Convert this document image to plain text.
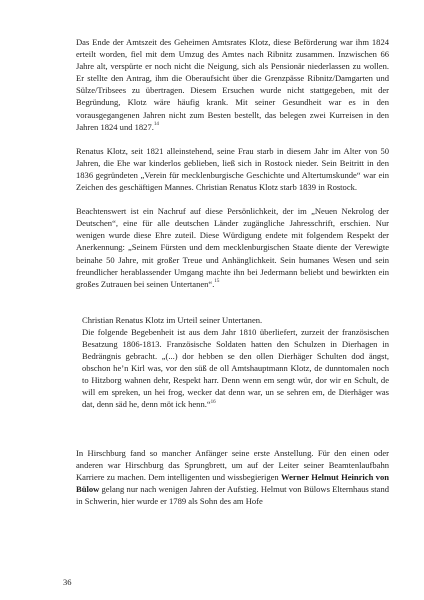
Das Ende der Amtszeit des Geheimen Amtsrates Klotz, diese Beförderung war ihm 1824 erteilt worden, fiel mit dem Umzug des Amtes nach Ribnitz zusammen. Inzwischen 66 Jahre alt, verspürte er noch nicht die Neigung, sich als Pensionär niederlassen zu wollen. Er stellte den Antrag, ihm die Oberaufsicht über die Grenzpässe Ribnitz/Damgarten und Sülze/Tribsees zu übertragen. Diesem Ersuchen wurde nicht stattgegeben, mit der Begründung, Klotz wäre häufig krank. Mit seiner Gesundheit war es in den vorausgegangenen Jahren nicht zum Besten bestellt, das belegen zwei Kurreisen in den Jahren 1824 und 1827.14

Renatus Klotz, seit 1821 alleinstehend, seine Frau starb in diesem Jahr im Alter von 50 Jahren, die Ehe war kinderlos geblieben, ließ sich in Rostock nieder. Sein Beitritt in den 1836 gegründeten „Verein für mecklenburgische Geschichte und Altertumskunde“ war ein Zeichen des geschäftigen Mannes. Christian Renatus Klotz starb 1839 in Rostock.

Beachtenswert ist ein Nachruf auf diese Persönlichkeit, der im „Neuen Nekrolog der Deutschen“, eine für alle deutschen Länder zugängliche Jahresschrift, erschien. Nur wenigen wurde diese Ehre zuteil. Diese Würdigung endete mit folgendem Respekt der Anerkennung: „Seinem Fürsten und dem mecklenburgischen Staate diente der Verewigte beinahe 50 Jahre, mit großer Treue und Anhänglichkeit. Sein humanes Wesen und sein freundlicher herablassender Umgang machte ihn bei Jedermann beliebt und bewirkten ein großes Zutrauen bei seinen Untertanen“.$^{15}$

Christian Renatus Klotz im Urteil seiner Untertanen.

Die folgende Begebenheit ist aus dem Jahr 1810 überliefert, zurzeit der französischen Besatzung 1806-1813. Französische Soldaten hatten den Schulzen in Dierhagen in Bedrängnis gebracht. „(...) dor hebben se den ollen Dierhäger Schulten dod ängst, obschon he’n Kirl was, vor den süß de oll Amtshauptmann Klotz, de dunntomalen noch to Hitzborg wahnen dehr, Respekt harr. Denn wenn em sengt wür, dor wir en Schult, de will em spreken, un hei frog, wecker dat denn war, un se sehren em, de Dierhäger was dat, denn säd he, denn möt ick henn.“$^{16}$

In Hirschburg fand so mancher Anfänger seine erste Anstellung. Für den einen oder anderen war Hirschburg das Sprungbrett, um auf der Leiter seiner Beamtenlaufbahn Karriere zu machen. Dem intelligenten und wissbegierigen Werner Helmut Heinrich von Bülow gelang nur nach wenigen Jahren der Aufstieg. Helmut von Bülows Elternhaus stand in Schwerin, hier wurde er 1789 als Sohn des am Hofe

36
